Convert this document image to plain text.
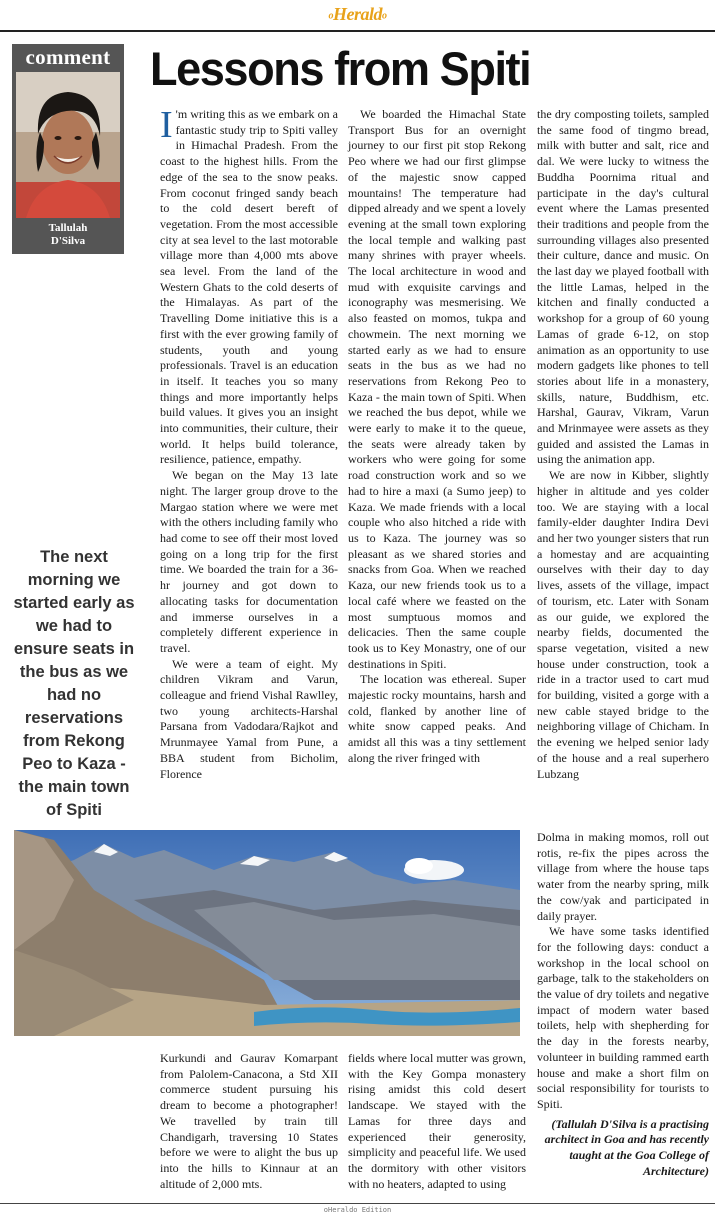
oHeraldo
comment
Tallulah
D'Silva
Lessons from Spiti
The next morning we started early as we had to ensure seats in the bus as we had no reservations from Rekong Peo to Kaza - the main town of Spiti

I 'm writing this as we embark on a fantastic study trip to Spiti valley in Himachal Pradesh. From the coast to the highest hills. From the edge of the sea to the snow peaks. From coconut fringed sandy beach to the cold desert bereft of vegetation. From the most accessible city at sea level to the last motorable village more than 4,000 mts above sea level. From the land of the Western Ghats to the cold deserts of the Himalayas. As part of the Travelling Dome initiative this is a first with the ever growing family of students, youth and young professionals. Travel is an education in itself. It teaches you so many things and more importantly helps build values. It gives you an insight into communities, their culture, their world. It helps build tolerance, resilience, patience, empathy.

We began on the May 13 late night. The larger group drove to the Margao station where we were met with the others including family who had come to see off their most loved going on a long trip for the first time. We boarded the train for a 36-hr journey and got down to allocating tasks for documentation and immerse ourselves in a completely different experience in travel.

We were a team of eight. My children Vikram and Varun, colleague and friend Vishal Rawlley, two young architects-Harshal Parsana from Vadodara/Rajkot and Mrunmayee Yamal from Pune, a BBA student from Bicholim, Florence

We boarded the Himachal State Transport Bus for an overnight journey to our first pit stop Rekong Peo where we had our first glimpse of the majestic snow capped mountains! The temperature had dipped already and we spent a lovely evening at the small town exploring the local temple and walking past many shrines with prayer wheels. The local architecture in wood and mud with exquisite carvings and iconography was mesmerising. We also feasted on momos, tukpa and chowmein. The next morning we started early as we had to ensure seats in the bus as we had no reservations from Rekong Peo to Kaza - the main town of Spiti. When we reached the bus depot, while we were early to make it to the queue, the seats were already taken by workers who were going for some road construction work and so we had to hire a maxi (a Sumo jeep) to Kaza. We made friends with a local couple who also hitched a ride with us to Kaza. The journey was so pleasant as we shared stories and snacks from Goa. When we reached Kaza, our new friends took us to a local café where we feasted on the most sumptuous momos and delicacies. Then the same couple took us to Key Monastry, one of our destinations in Spiti.

The location was ethereal. Super majestic rocky mountains, harsh and cold, flanked by another line of white snow capped peaks. And amidst all this was a tiny settlement along the river fringed with

the dry composting toilets, sampled the same food of tingmo bread, milk with butter and salt, rice and dal. We were lucky to witness the Buddha Poornima ritual and participate in the day's cultural event where the Lamas presented their traditions and people from the surrounding villages also presented their culture, dance and music. On the last day we played football with the little Lamas, helped in the kitchen and finally conducted a workshop for a group of 60 young Lamas of grade 6-12, on stop animation as an opportunity to use modern gadgets like phones to tell stories about life in a monastery, skills, nature, Buddhism, etc. Harshal, Gaurav, Vikram, Varun and Mrinmayee were assets as they guided and assisted the Lamas in using the animation app.

We are now in Kibber, slightly higher in altitude and yes colder too. We are staying with a local family-elder daughter Indira Devi and her two younger sisters that run a homestay and are acquainting ourselves with their day to day lives, assets of the village, impact of tourism, etc. Later with Sonam as our guide, we explored the nearby fields, documented the sparse vegetation, visited a new house under construction, took a ride in a tractor used to cart mud for building, visited a gorge with a new cable stayed bridge to the neighboring village of Chicham. In the evening we helped senior lady of the house and a real superhero Lubzang

Kurkundi and Gaurav Komarpant from Palolem-Canacona, a Std XII commerce student pursuing his dream to become a photographer! We travelled by train till Chandigarh, traversing 10 States before we were to alight the bus up into the hills to Kinnaur at an altitude of 2,000 mts.

fields where local mutter was grown, with the Key Gompa monastery rising amidst this cold desert landscape. We stayed with the Lamas for three days and experienced their generosity, simplicity and peaceful life. We used the dormitory with other visitors with no heaters, adapted to using

Dolma in making momos, roll out rotis, re-fix the pipes across the village from where the house taps water from the nearby spring, milk the cow/yak and participated in daily prayer.

We have some tasks identified for the following days: conduct a workshop in the local school on garbage, talk to the stakeholders on the value of dry toilets and negative impact of modern water based toilets, help with shepherding for the day in the forests nearby, volunteer in building rammed earth house and make a short film on social responsibility for tourists to Spiti.

(Tallulah D'Silva is a practising architect in Goa and has recently taught at the Goa College of Architecture)

oHeraldo Edition
